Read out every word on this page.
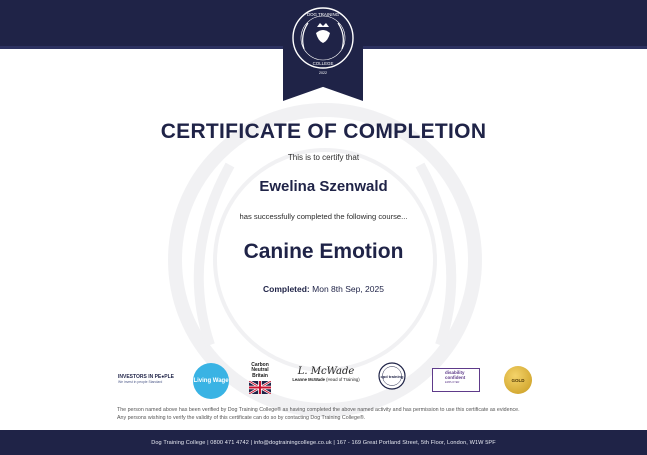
DOG TRAINING
COLLEGE
2022
CERTIFICATE OF COMPLETION
This is to certify that
Ewelina Szenwald
has successfully completed the following course...
Canine Emotion
Completed: Mon 8th Sep, 2025
INVESTORS IN PE●PLE
We invest in people Standard	Living Wage
Carbon Neutral Britain	L. McWade
Leanne McWade (Head of Training)
cpd training
disability confident
EMPLOYER	GOLD
The person named above has been verified by Dog Training College® as having completed the above named activity and has permission to use this certificate as evidence.
Any persons wishing to verify the validity of this certificate can do so by contacting Dog Training College®.
Dog Training College | 0800 471 4742 | info@dogtrainingcollege.co.uk | 167 - 169 Great Portland Street, 5th Floor, London, W1W 5PF
